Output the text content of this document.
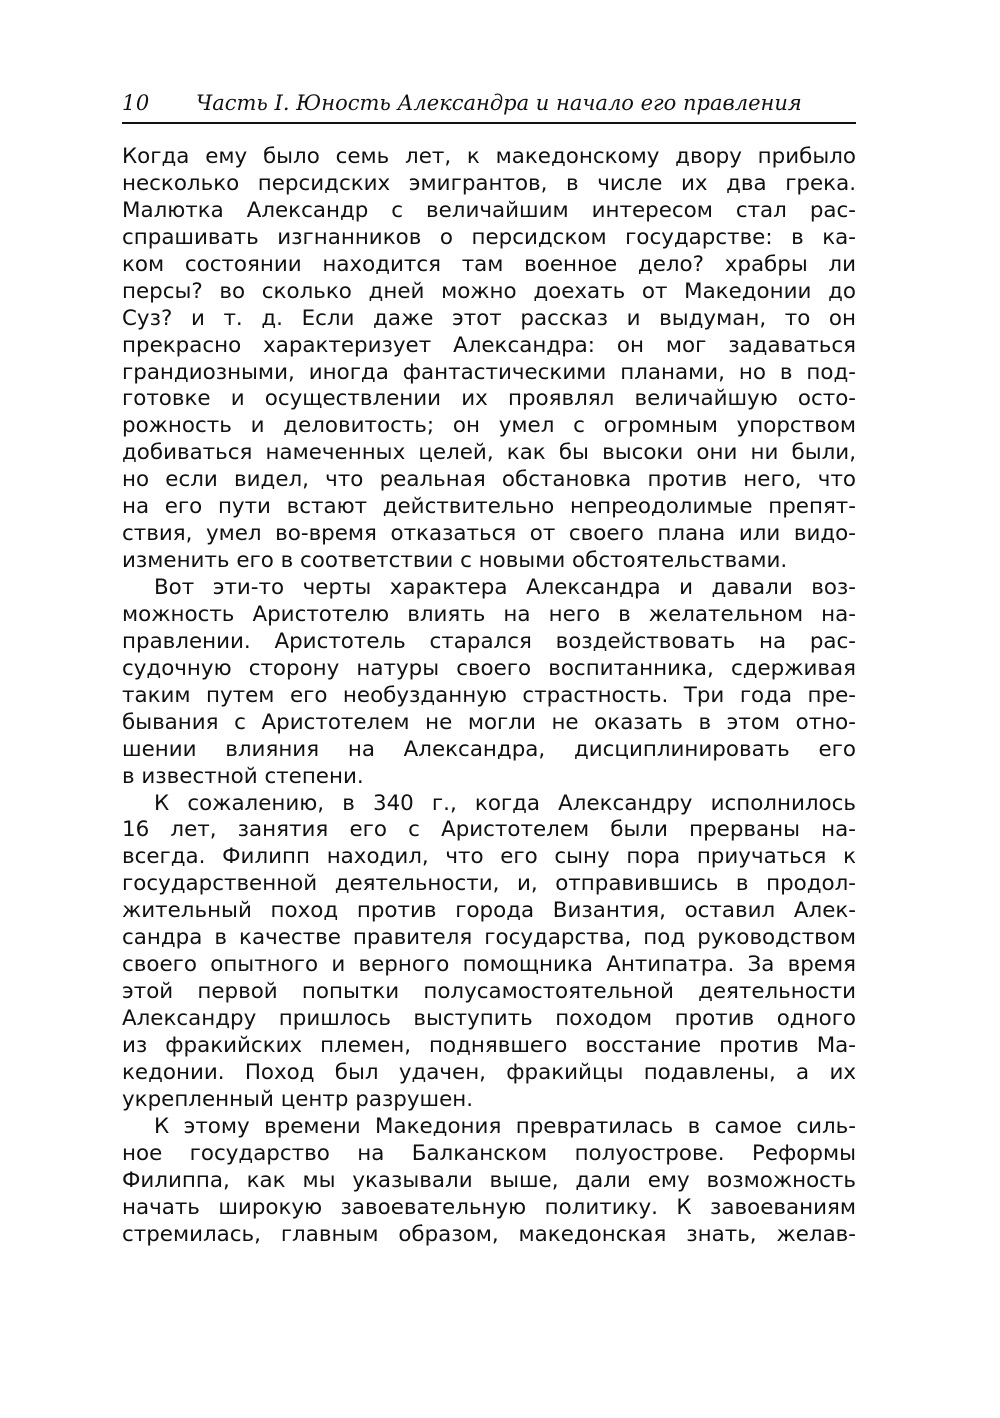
10	Часть I. Юность Александра и начало его правления
Когда ему было семь лет, к македонскому двору прибыло
несколько персидских эмигрантов, в числе их два грека.
Малютка Александр с величайшим интересом стал рас-
спрашивать изгнанников о персидском государстве: в ка-
ком состоянии находится там военное дело? храбры ли
персы? во сколько дней можно доехать от Македонии до
Суз? и т. д. Если даже этот рассказ и выдуман, то он
прекрасно характеризует Александра: он мог задаваться
грандиозными, иногда фантастическими планами, но в под-
готовке и осуществлении их проявлял величайшую осто-
рожность и деловитость; он умел с огромным упорством
добиваться намеченных целей, как бы высоки они ни были,
но если видел, что реальная обстановка против него, что
на его пути встают действительно непреодолимые препят-
ствия, умел во-время отказаться от своего плана или видо-
изменить его в соответствии с новыми обстоятельствами.
Вот эти-то черты характера Александра и давали воз-
можность Аристотелю влиять на него в желательном на-
правлении. Аристотель старался воздействовать на рас-
судочную сторону натуры своего воспитанника, сдерживая
таким путем его необузданную страстность. Три года пре-
бывания с Аристотелем не могли не оказать в этом отно-
шении влияния на Александра, дисциплинировать его
в известной степени.
К сожалению, в 340 г., когда Александру исполнилось
16 лет, занятия его с Аристотелем были прерваны на-
всегда. Филипп находил, что его сыну пора приучаться к
государственной деятельности, и, отправившись в продол-
жительный поход против города Византия, оставил Алек-
сандра в качестве правителя государства, под руководством
своего опытного и верного помощника Антипатра. За время
этой первой попытки полусамостоятельной деятельности
Александру пришлось выступить походом против одного
из фракийских племен, поднявшего восстание против Ма-
кедонии. Поход был удачен, фракийцы подавлены, а их
укрепленный центр разрушен.
К этому времени Македония превратилась в самое силь-
ное государство на Балканском полуострове. Реформы
Филиппа, как мы указывали выше, дали ему возможность
начать широкую завоевательную политику. К завоеваниям
стремилась, главным образом, македонская знать, желав-
